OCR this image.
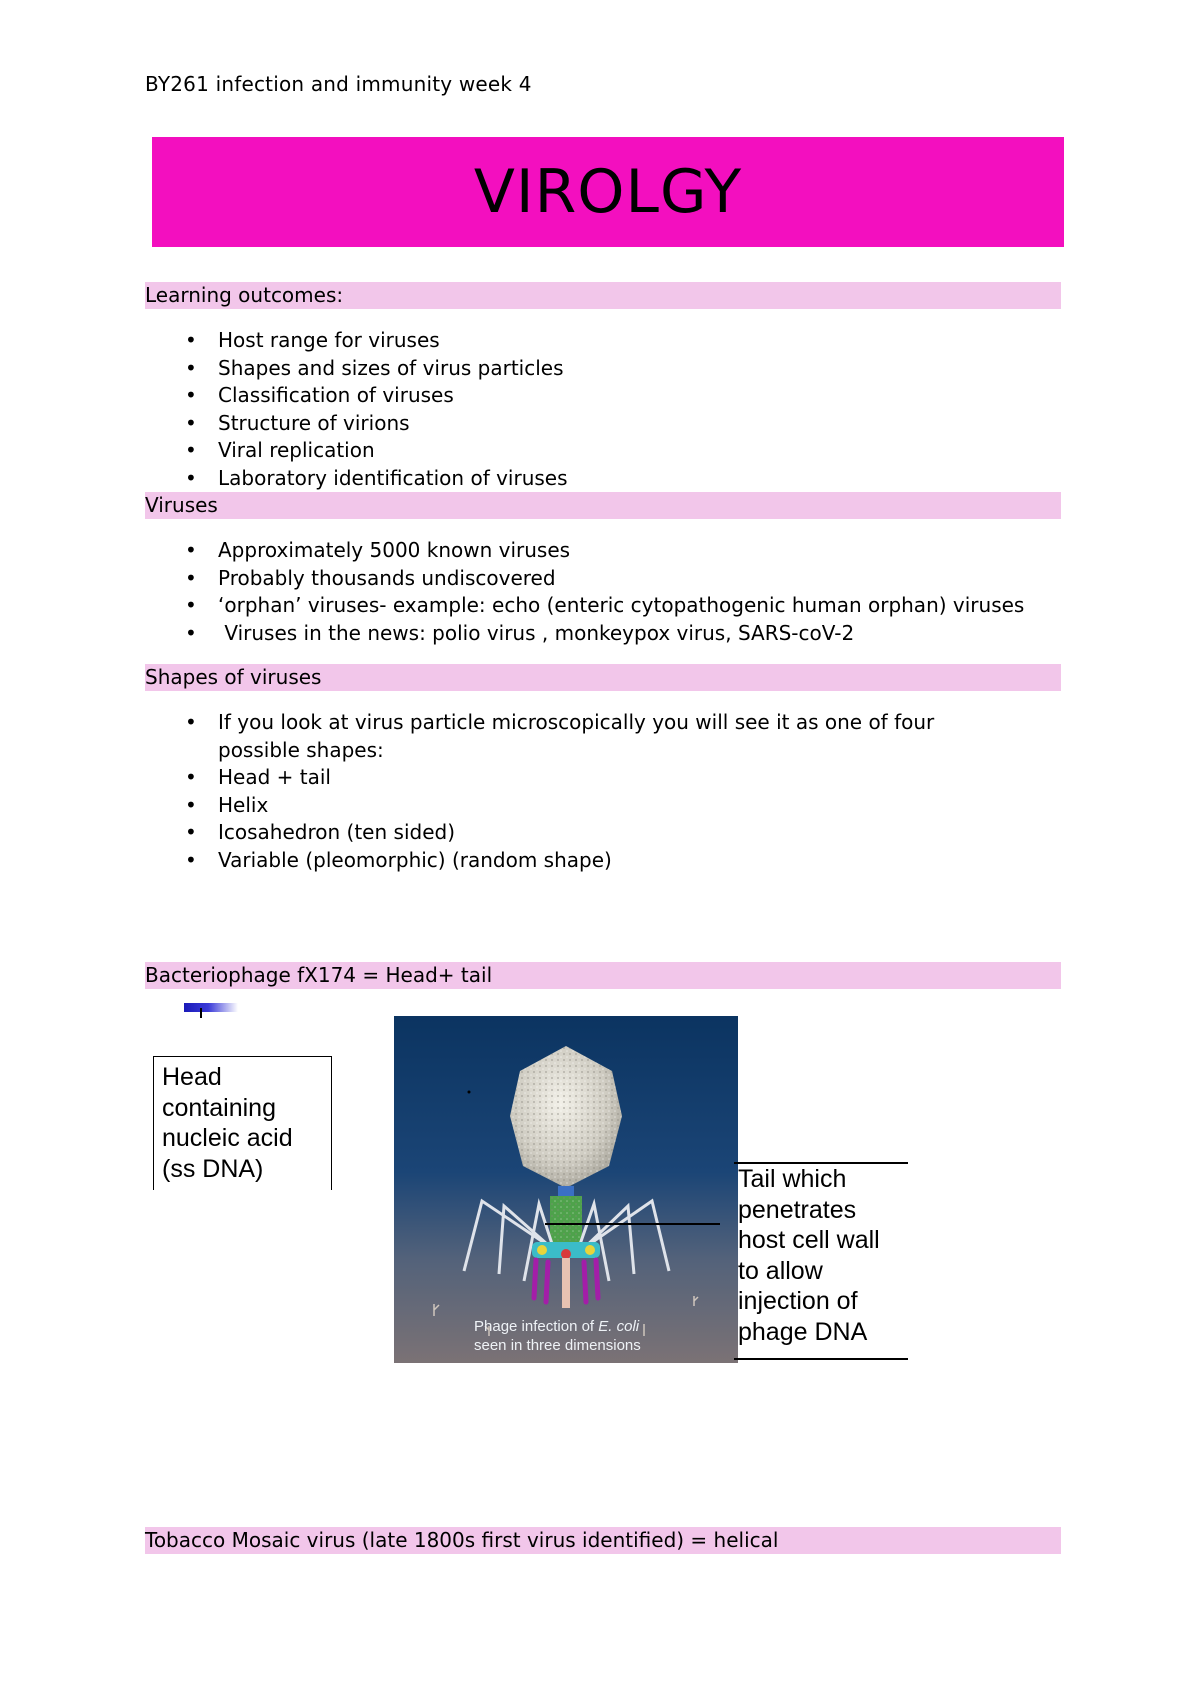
BY261 infection and immunity week 4
VIROLGY
Learning outcomes:
• Host range for viruses
• Shapes and sizes of virus particles
• Classification of viruses
• Structure of virions
• Viral replication
• Laboratory identification of viruses
Viruses
• Approximately 5000 known viruses
• Probably thousands undiscovered
• ‘orphan’ viruses- example: echo (enteric cytopathogenic human orphan) viruses
• Viruses in the news: polio virus , monkeypox virus, SARS-coV-2
Shapes of viruses
• If you look at virus particle microscopically you will see it as one of four possible shapes:
• Head + tail
• Helix
• Icosahedron (ten sided)
• Variable (pleomorphic) (random shape)
Bacteriophage fX174 = Head+ tail
Head
containing
nucleic acid
(ss DNA)
Phage infection of E. coli
seen in three dimensions
Tail which
penetrates
host cell wall
to allow
injection of
phage DNA
Tobacco Mosaic virus (late 1800s first virus identified) = helical
